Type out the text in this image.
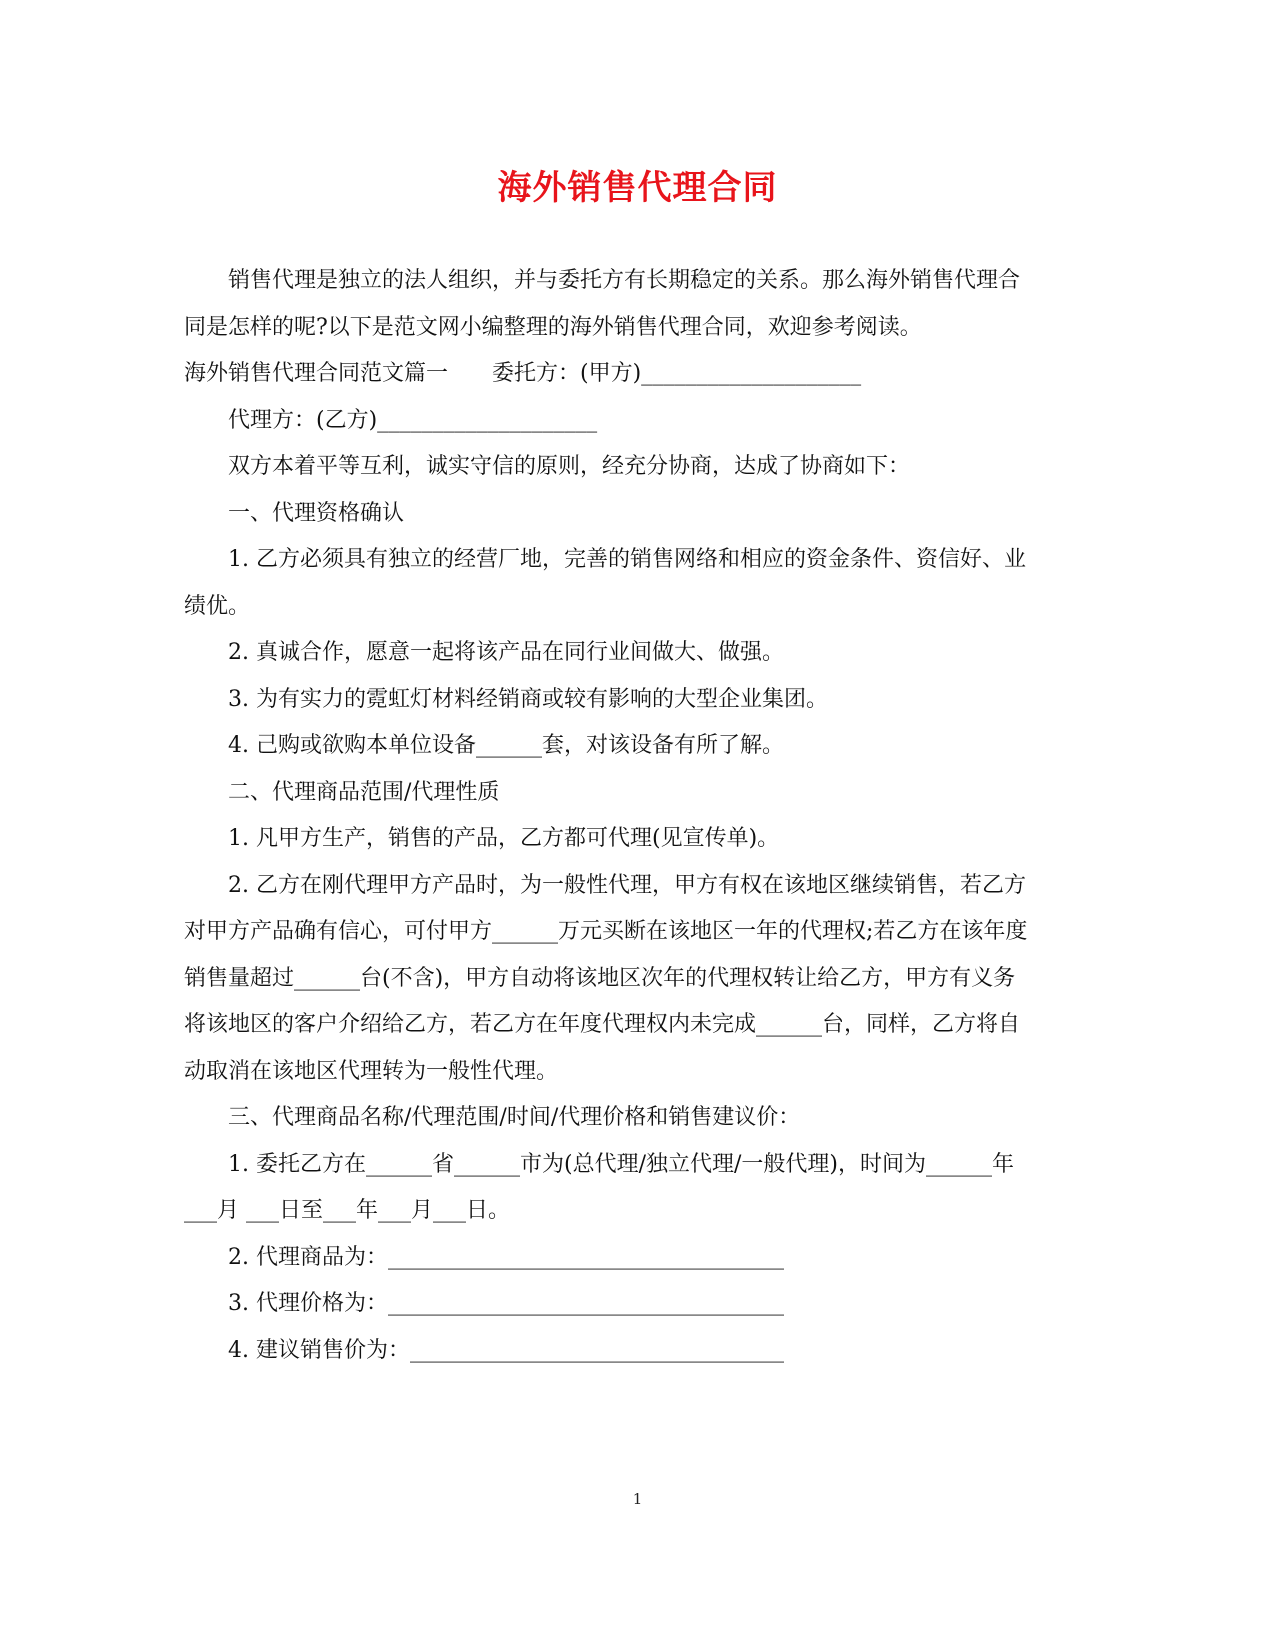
海外销售代理合同

销售代理是独立的法人组织，并与委托方有长期稳定的关系。那么海外销售代理合同是怎样的呢?以下是范文网小编整理的海外销售代理合同，欢迎参考阅读。

海外销售代理合同范文篇一　　委托方：(甲方)____________________

代理方：(乙方)____________________

双方本着平等互利，诚实守信的原则，经充分协商，达成了协商如下：

一、代理资格确认

1. 乙方必须具有独立的经营厂地，完善的销售网络和相应的资金条件、资信好、业绩优。

2. 真诚合作，愿意一起将该产品在同行业间做大、做强。

3. 为有实力的霓虹灯材料经销商或较有影响的大型企业集团。

4. 己购或欲购本单位设备______套，对该设备有所了解。

二、代理商品范围/代理性质

1. 凡甲方生产，销售的产品，乙方都可代理(见宣传单)。

2. 乙方在刚代理甲方产品时，为一般性代理，甲方有权在该地区继续销售，若乙方对甲方产品确有信心，可付甲方______万元买断在该地区一年的代理权;若乙方在该年度销售量超过______台(不含)，甲方自动将该地区次年的代理权转让给乙方，甲方有义务将该地区的客户介绍给乙方，若乙方在年度代理权内未完成______台，同样，乙方将自动取消在该地区代理转为一般性代理。

三、代理商品名称/代理范围/时间/代理价格和销售建议价：

1. 委托乙方在______省______市为(总代理/独立代理/一般代理)，时间为______年___月 ___日至___年___月___日。

2. 代理商品为：____________________________________

3. 代理价格为：____________________________________

4. 建议销售价为：__________________________________

1
